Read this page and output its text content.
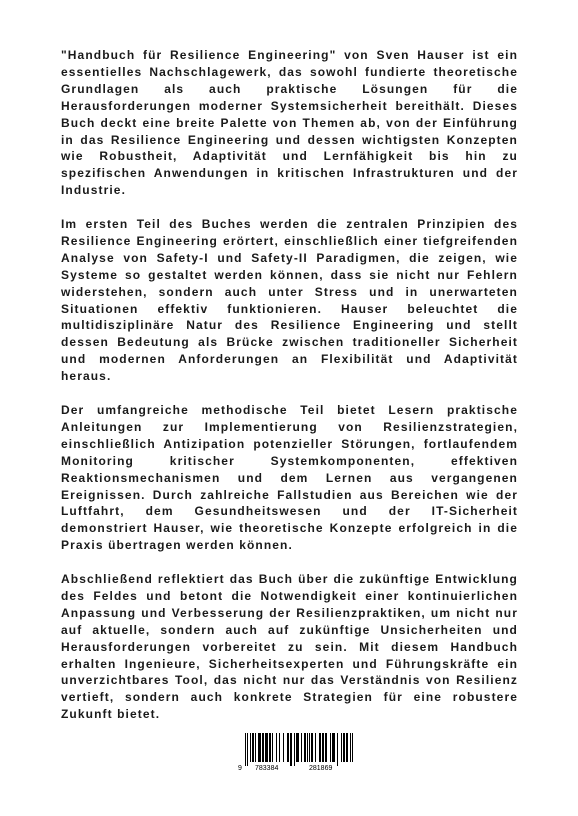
"Handbuch für Resilience Engineering" von Sven Hauser ist ein essentielles Nachschlagewerk, das sowohl fundierte theoretische Grundlagen als auch praktische Lösungen für die Herausforderungen moderner Systemsicherheit bereithält. Dieses Buch deckt eine breite Palette von Themen ab, von der Einführung in das Resilience Engineering und dessen wichtigsten Konzepten wie Robustheit, Adaptivität und Lernfähigkeit bis hin zu spezifischen Anwendungen in kritischen Infrastrukturen und der Industrie.

Im ersten Teil des Buches werden die zentralen Prinzipien des Resilience Engineering erörtert, einschließlich einer tiefgreifenden Analyse von Safety-I und Safety-II Paradigmen, die zeigen, wie Systeme so gestaltet werden können, dass sie nicht nur Fehlern widerstehen, sondern auch unter Stress und in unerwarteten Situationen effektiv funktionieren. Hauser beleuchtet die multidisziplinäre Natur des Resilience Engineering und stellt dessen Bedeutung als Brücke zwischen traditioneller Sicherheit und modernen Anforderungen an Flexibilität und Adaptivität heraus.

Der umfangreiche methodische Teil bietet Lesern praktische Anleitungen zur Implementierung von Resilienzstrategien, einschließlich Antizipation potenzieller Störungen, fortlaufendem Monitoring kritischer Systemkomponenten, effektiven Reaktionsmechanismen und dem Lernen aus vergangenen Ereignissen. Durch zahlreiche Fallstudien aus Bereichen wie der Luftfahrt, dem Gesundheitswesen und der IT-Sicherheit demonstriert Hauser, wie theoretische Konzepte erfolgreich in die Praxis übertragen werden können.

Abschließend reflektiert das Buch über die zukünftige Entwicklung des Feldes und betont die Notwendigkeit einer kontinuierlichen Anpassung und Verbesserung der Resilienzpraktiken, um nicht nur auf aktuelle, sondern auch auf zukünftige Unsicherheiten und Herausforderungen vorbereitet zu sein. Mit diesem Handbuch erhalten Ingenieure, Sicherheitsexperten und Führungskräfte ein unverzichtbares Tool, das nicht nur das Verständnis von Resilienz vertieft, sondern auch konkrete Strategien für eine robustere Zukunft bietet.

9 783384	281869
